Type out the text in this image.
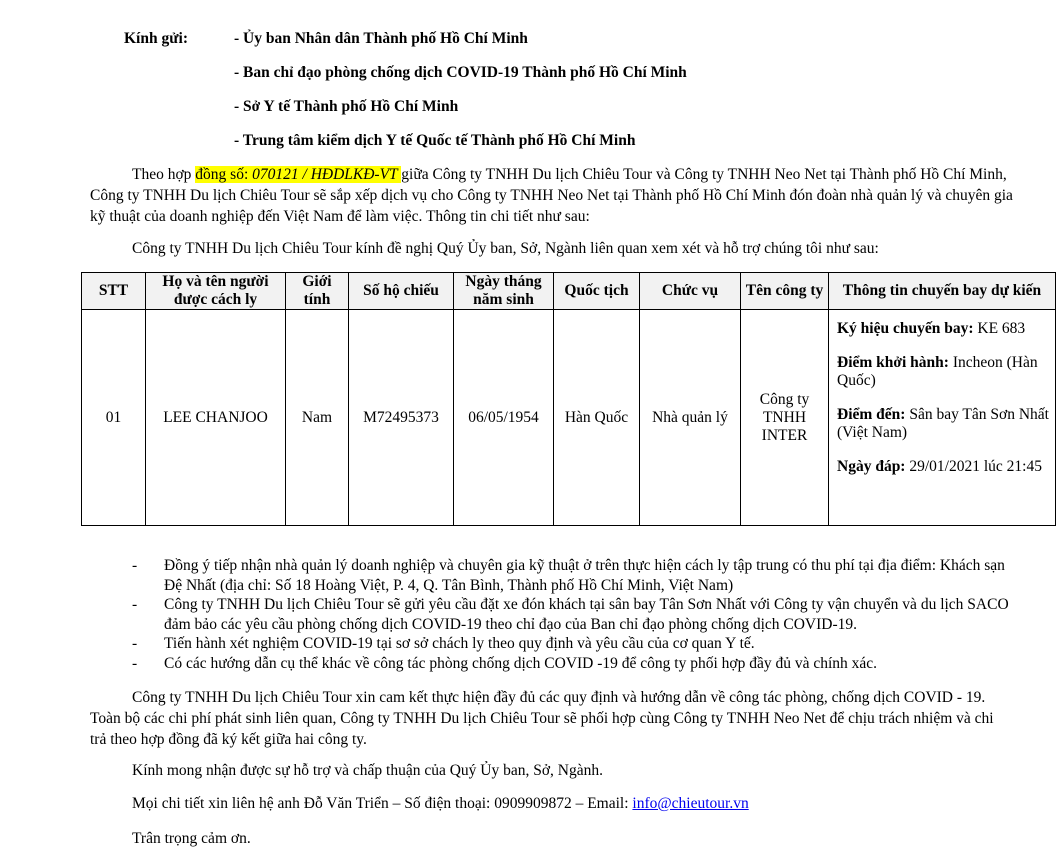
Kính gửi:	- Ủy ban Nhân dân Thành phố Hồ Chí Minh
- Ban chỉ đạo phòng chống dịch COVID-19 Thành phố Hồ Chí Minh
- Sở Y tế Thành phố Hồ Chí Minh
- Trung tâm kiểm dịch Y tế Quốc tế Thành phố Hồ Chí Minh

Theo hợp đồng số: 070121 / HĐDLKĐ-VT giữa Công ty TNHH Du lịch Chiêu Tour và Công ty TNHH Neo Net tại Thành phố Hồ Chí Minh, Công ty TNHH Du lịch Chiêu Tour sẽ sắp xếp dịch vụ cho Công ty TNHH Neo Net tại Thành phố Hồ Chí Minh đón đoàn nhà quản lý và chuyên gia kỹ thuật của doanh nghiệp đến Việt Nam để làm việc. Thông tin chi tiết như sau:

Công ty TNHH Du lịch Chiêu Tour kính đề nghị Quý Ủy ban, Sở, Ngành liên quan xem xét và hỗ trợ chúng tôi như sau:
STT	Họ và tên người được cách ly	Giới tính	Số hộ chiếu	Ngày tháng năm sinh	Quốc tịch	Chức vụ	Tên công ty	Thông tin chuyến bay dự kiến
01	LEE CHANJOO	Nam	M72495373	06/05/1954	Hàn Quốc	Nhà quản lý	Công ty TNHH INTER	Ký hiệu chuyến bay: KE 683
Điểm khởi hành: Incheon (Hàn Quốc)
Điểm đến: Sân bay Tân Sơn Nhất (Việt Nam)
Ngày đáp: 29/01/2021 lúc 21:45
- Đồng ý tiếp nhận nhà quản lý doanh nghiệp và chuyên gia kỹ thuật ở trên thực hiện cách ly tập trung có thu phí tại địa điểm: Khách sạn Đệ Nhất (địa chỉ: Số 18 Hoàng Việt, P. 4, Q. Tân Bình, Thành phố Hồ Chí Minh, Việt Nam)
- Công ty TNHH Du lịch Chiêu Tour sẽ gửi yêu cầu đặt xe đón khách tại sân bay Tân Sơn Nhất với Công ty vận chuyển và du lịch SACO đảm bảo các yêu cầu phòng chống dịch COVID-19 theo chỉ đạo của Ban chỉ đạo phòng chống dịch COVID-19.
- Tiến hành xét nghiệm COVID-19 tại sơ sở chách ly theo quy định và yêu cầu của cơ quan Y tế.
- Có các hướng dẫn cụ thể khác về công tác phòng chống dịch COVID -19 để công ty phối hợp đầy đủ và chính xác.

Công ty TNHH Du lịch Chiêu Tour xin cam kết thực hiện đầy đủ các quy định và hướng dẫn về công tác phòng, chống dịch COVID - 19. Toàn bộ các chi phí phát sinh liên quan, Công ty TNHH Du lịch Chiêu Tour sẽ phối hợp cùng Công ty TNHH Neo Net để chịu trách nhiệm và chi trả theo hợp đồng đã ký kết giữa hai công ty.

Kính mong nhận được sự hỗ trợ và chấp thuận của Quý Ủy ban, Sở, Ngành.
Mọi chi tiết xin liên hệ anh Đỗ Văn Triển – Số điện thoại: 0909909872 – Email: info@chieutour.vn
Trân trọng cảm ơn.
